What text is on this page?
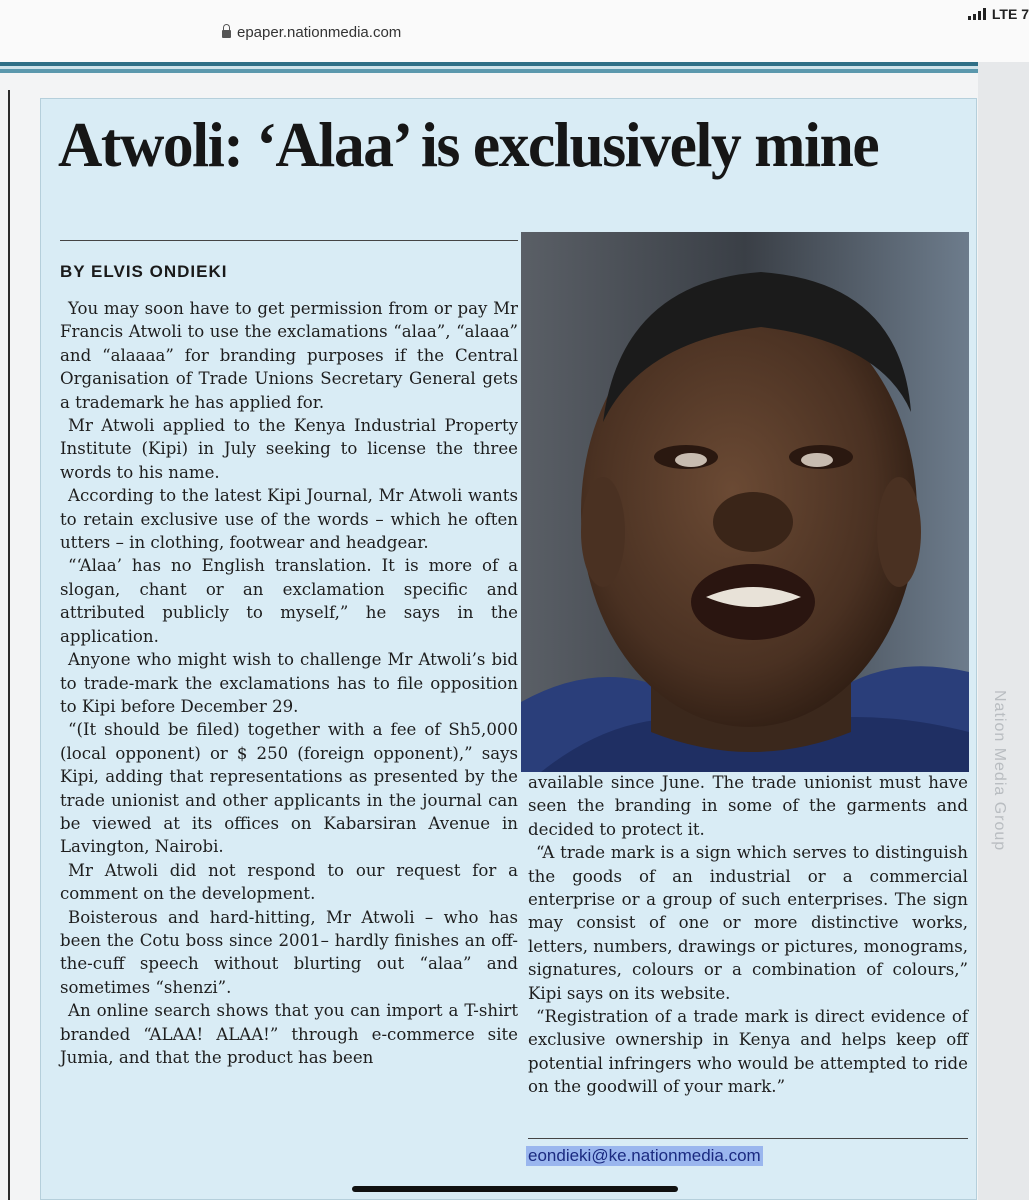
epaper.nationmedia.com
LTE 7
Nation Media Group
Atwoli: ‘Alaa’ is exclusively mine
BY ELVIS ONDIEKI

You may soon have to get permission from or pay Mr Francis Atwoli to use the exclamations “alaa”, “alaaa” and “alaaaa” for branding purposes if the Central Organisation of Trade Unions Secretary General gets a trademark he has applied for.

Mr Atwoli applied to the Kenya Industrial Property Institute (Kipi) in July seeking to license the three words to his name.

According to the latest Kipi Journal, Mr Atwoli wants to retain exclusive use of the words – which he often utters – in clothing, footwear and headgear.

“‘Alaa’ has no English translation. It is more of a slogan, chant or an exclamation specific and attributed publicly to myself,” he says in the application.

Anyone who might wish to challenge Mr Atwoli’s bid to trade-mark the exclamations has to file opposition to Kipi before December 29.

“(It should be filed) together with a fee of Sh5,000 (local opponent) or $ 250 (foreign opponent),” says Kipi, adding that representations as presented by the trade unionist and other applicants in the journal can be viewed at its offices on Kabarsiran Avenue in Lavington, Nairobi.

Mr Atwoli did not respond to our request for a comment on the development.

Boisterous and hard-hitting, Mr Atwoli – who has been the Cotu boss since 2001– hardly finishes an off-the-cuff speech without blurting out “alaa” and sometimes “shenzi”.

An online search shows that you can import a T-shirt branded “ALAA! ALAA!” through e-commerce site Jumia, and that the product has been

available since June. The trade unionist must have seen the branding in some of the garments and decided to protect it.

“A trade mark is a sign which serves to distinguish the goods of an industrial or a commercial enterprise or a group of such enterprises. The sign may consist of one or more distinctive works, letters, numbers, drawings or pictures, monograms, signatures, colours or a combination of colours,” Kipi says on its website.

“Registration of a trade mark is direct evidence of exclusive ownership in Kenya and helps keep off potential infringers who would be attempted to ride on the goodwill of your mark.”

eondieki@ke.nationmedia.com
